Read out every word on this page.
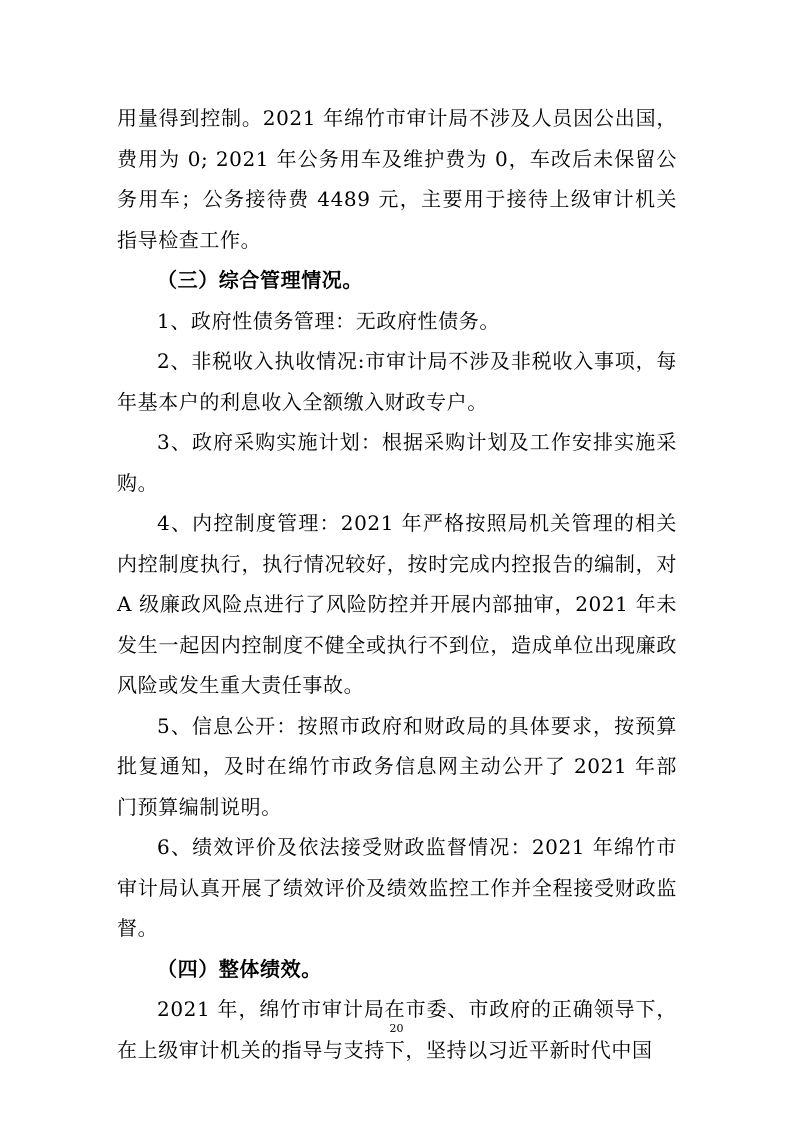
用量得到控制。2021 年绵竹市审计局不涉及人员因公出国，费用为 0; 2021 年公务用车及维护费为 0，车改后未保留公务用车；公务接待费 4489 元，主要用于接待上级审计机关指导检查工作。

（三）综合管理情况。

1、政府性债务管理：无政府性债务。

2、非税收入执收情况:市审计局不涉及非税收入事项，每年基本户的利息收入全额缴入财政专户。

3、政府采购实施计划：根据采购计划及工作安排实施采购。

4、内控制度管理：2021 年严格按照局机关管理的相关内控制度执行，执行情况较好，按时完成内控报告的编制，对 A 级廉政风险点进行了风险防控并开展内部抽审，2021 年未发生一起因内控制度不健全或执行不到位，造成单位出现廉政风险或发生重大责任事故。

5、信息公开：按照市政府和财政局的具体要求，按预算批复通知，及时在绵竹市政务信息网主动公开了 2021 年部门预算编制说明。

6、绩效评价及依法接受财政监督情况：2021 年绵竹市审计局认真开展了绩效评价及绩效监控工作并全程接受财政监督。

（四）整体绩效。

2021 年，绵竹市审计局在市委、市政府的正确领导下，在上级审计机关的指导与支持下，坚持以习近平新时代中国

20
